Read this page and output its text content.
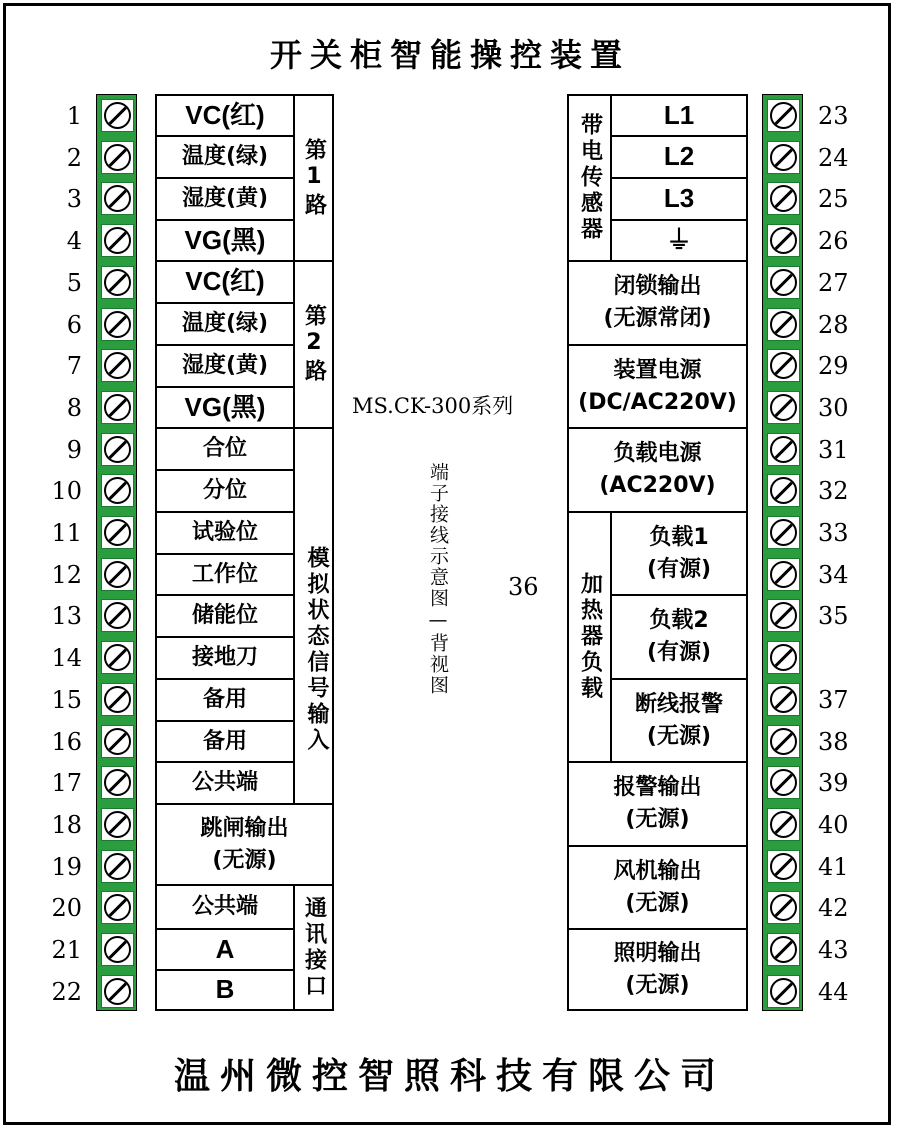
开关柜智能操控装置
温州微控智照科技有限公司
1
2
3
4
5
6
7
8
9
10
11
12
13
14
15
16
17
18
19
20
21
22
23
24
25
26
27
28
29
30
31
32
33
34
35
37
38
39
40
41
42
43
44
VC(红)
温度(绿)
湿度(黄)
VG(黑)
第1路
VC(红)
温度(绿)
湿度(黄)
VG(黑)
第2路
合位
分位
试验位
工作位
储能位
接地刀
备用
备用
公共端
模拟状态信号输入
跳闸输出
(无源)
公共端
A
B	通讯接口
MS.CK-300系列
端子接线示意图—背视图 36
带电传感器	L1
L2
L3
⏚
闭锁输出
(无源常闭)
装置电源
(DC/AC220V)
负载电源
(AC220V)
加热器负载
负载1
(有源)
负载2
(有源)
断线报警
(无源)
报警输出
(无源)
风机输出
(无源)
照明输出
(无源)
